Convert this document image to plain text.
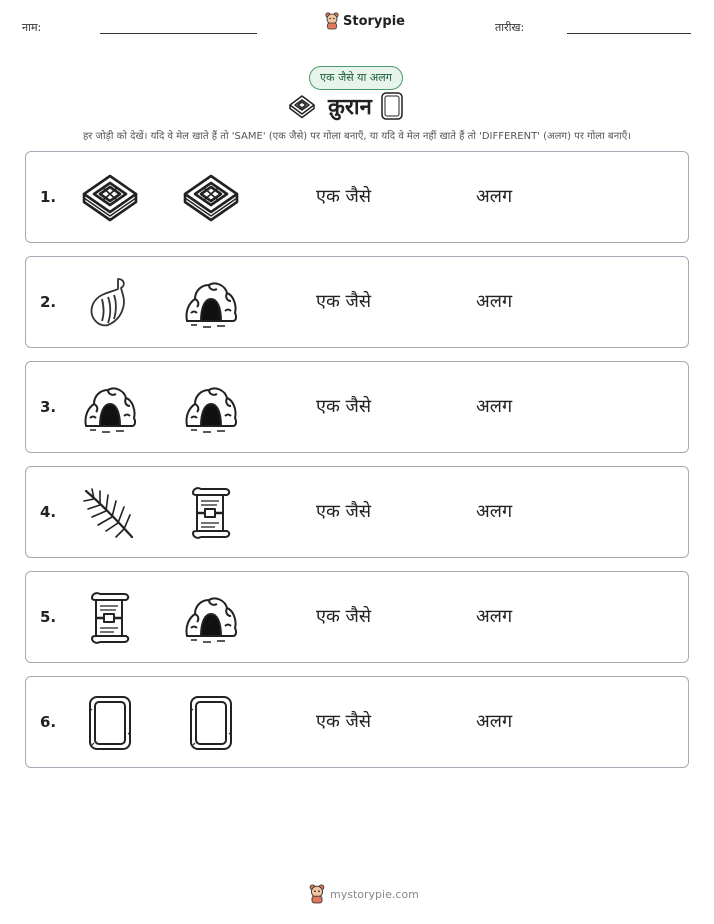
नाम:	Storypie	तारीख:
एक जैसे या अलग
क़ुरान
हर जोड़ी को देखें। यदि वे मेल खाते हैं तो 'SAME' (एक जैसे) पर गोला बनाएँ, या यदि वे मेल नहीं खाते हैं तो 'DIFFERENT' (अलग) पर गोला बनाएँ।
1.	एक जैसे	अलग
2.	एक जैसे	अलग
3.	एक जैसे	अलग
4.	एक जैसे	अलग
5.	एक जैसे	अलग
6.	एक जैसे	अलग
mystorypie.com
